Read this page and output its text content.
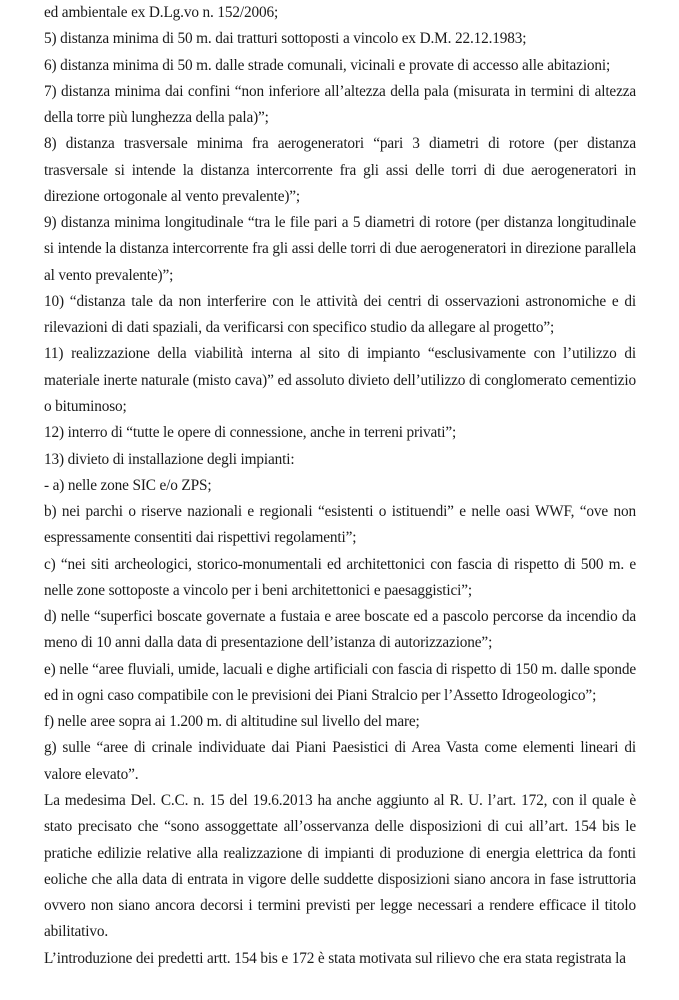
ed ambientale ex D.Lg.vo n. 152/2006;

5) distanza minima di 50 m. dai tratturi sottoposti a vincolo ex D.M. 22.12.1983;

6) distanza minima di 50 m. dalle strade comunali, vicinali e provate di accesso alle abitazioni;

7) distanza minima dai confini “non inferiore all’altezza della pala (misurata in termini di altezza della torre più lunghezza della pala)”;

8) distanza trasversale minima fra aerogeneratori “pari 3 diametri di rotore (per distanza trasversale si intende la distanza intercorrente fra gli assi delle torri di due aerogeneratori in direzione ortogonale al vento prevalente)”;

9) distanza minima longitudinale “tra le file pari a 5 diametri di rotore (per distanza longitudinale si intende la distanza intercorrente fra gli assi delle torri di due aerogeneratori in direzione parallela al vento prevalente)”;

10) “distanza tale da non interferire con le attività dei centri di osservazioni astronomiche e di rilevazioni di dati spaziali, da verificarsi con specifico studio da allegare al progetto”;

11) realizzazione della viabilità interna al sito di impianto “esclusivamente con l’utilizzo di materiale inerte naturale (misto cava)” ed assoluto divieto dell’utilizzo di conglomerato cementizio o bituminoso;

12) interro di “tutte le opere di connessione, anche in terreni privati”;

13) divieto di installazione degli impianti:

- a) nelle zone SIC e/o ZPS;

b) nei parchi o riserve nazionali e regionali “esistenti o istituendi” e nelle oasi WWF, “ove non espressamente consentiti dai rispettivi regolamenti”;

c) “nei siti archeologici, storico-monumentali ed architettonici con fascia di rispetto di 500 m. e nelle zone sottoposte a vincolo per i beni architettonici e paesaggistici”;

d) nelle “superfici boscate governate a fustaia e aree boscate ed a pascolo percorse da incendio da meno di 10 anni dalla data di presentazione dell’istanza di autorizzazione”;

e) nelle “aree fluviali, umide, lacuali e dighe artificiali con fascia di rispetto di 150 m. dalle sponde ed in ogni caso compatibile con le previsioni dei Piani Stralcio per l’Assetto Idrogeologico”;

f) nelle aree sopra ai 1.200 m. di altitudine sul livello del mare;

g) sulle “aree di crinale individuate dai Piani Paesistici di Area Vasta come elementi lineari di valore elevato”.

La medesima Del. C.C. n. 15 del 19.6.2013 ha anche aggiunto al R. U. l’art. 172, con il quale è stato precisato che “sono assoggettate all’osservanza delle disposizioni di cui all’art. 154 bis le pratiche edilizie relative alla realizzazione di impianti di produzione di energia elettrica da fonti eoliche che alla data di entrata in vigore delle suddette disposizioni siano ancora in fase istruttoria ovvero non siano ancora decorsi i termini previsti per legge necessari a rendere efficace il titolo abilitativo.

L’introduzione dei predetti artt. 154 bis e 172 è stata motivata sul rilievo che era stata registrata la
